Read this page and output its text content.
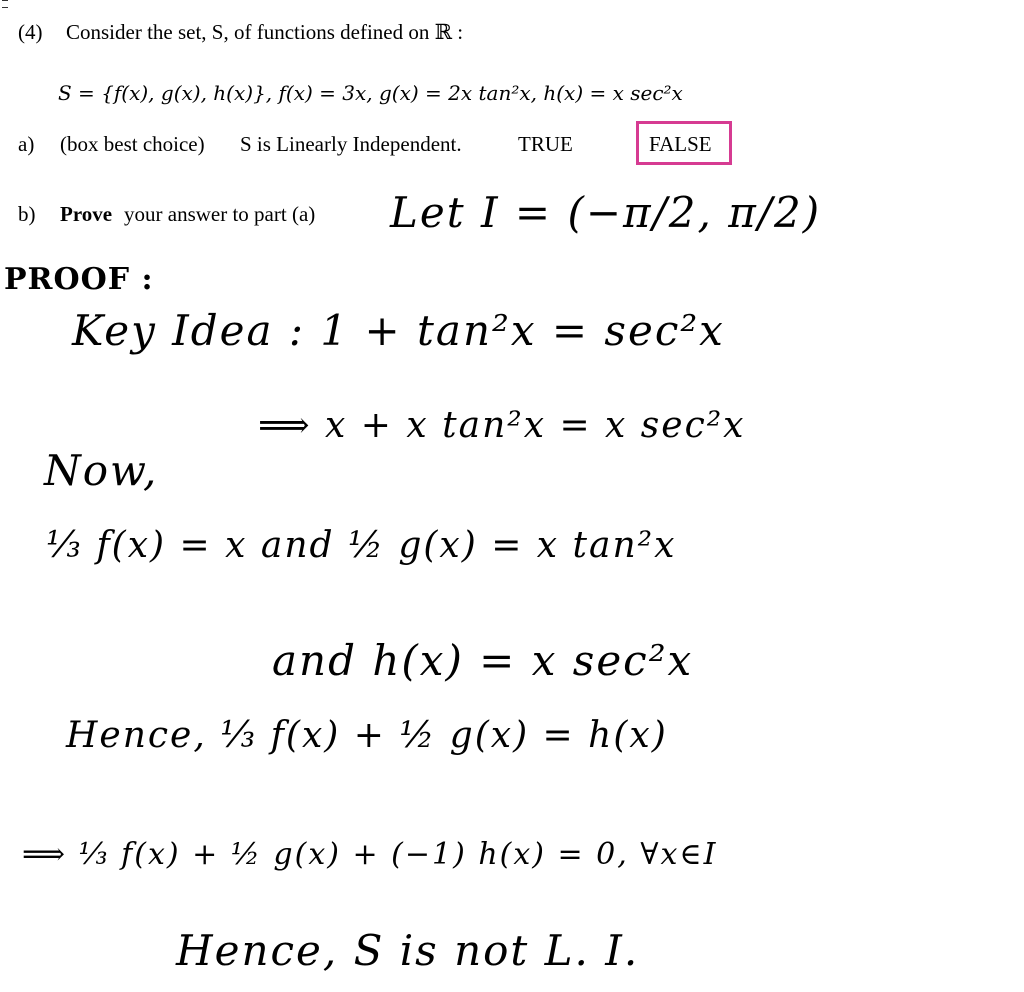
(4) Consider the set, S, of functions defined on ℝ :
S = {f(x), g(x), h(x)}, f(x) = 3x, g(x) = 2x tan²x, h(x) = x sec²x
a) (box best choice) S is Linearly Independent.	TRUE	FALSE
b) Prove your answer to part (a) Let I = (−π/2, π/2)
PROOF :
Key Idea : 1 + tan²x = sec²x
⟹ x + x tan²x = x sec²x
Now,
⅓ f(x) = x and ½ g(x) = x tan²x
and h(x) = x sec²x
Hence, ⅓ f(x) + ½ g(x) = h(x)
⟹ ⅓ f(x) + ½ g(x) + (−1) h(x) = 0, ∀x∈I
Hence, S is not L. I.
